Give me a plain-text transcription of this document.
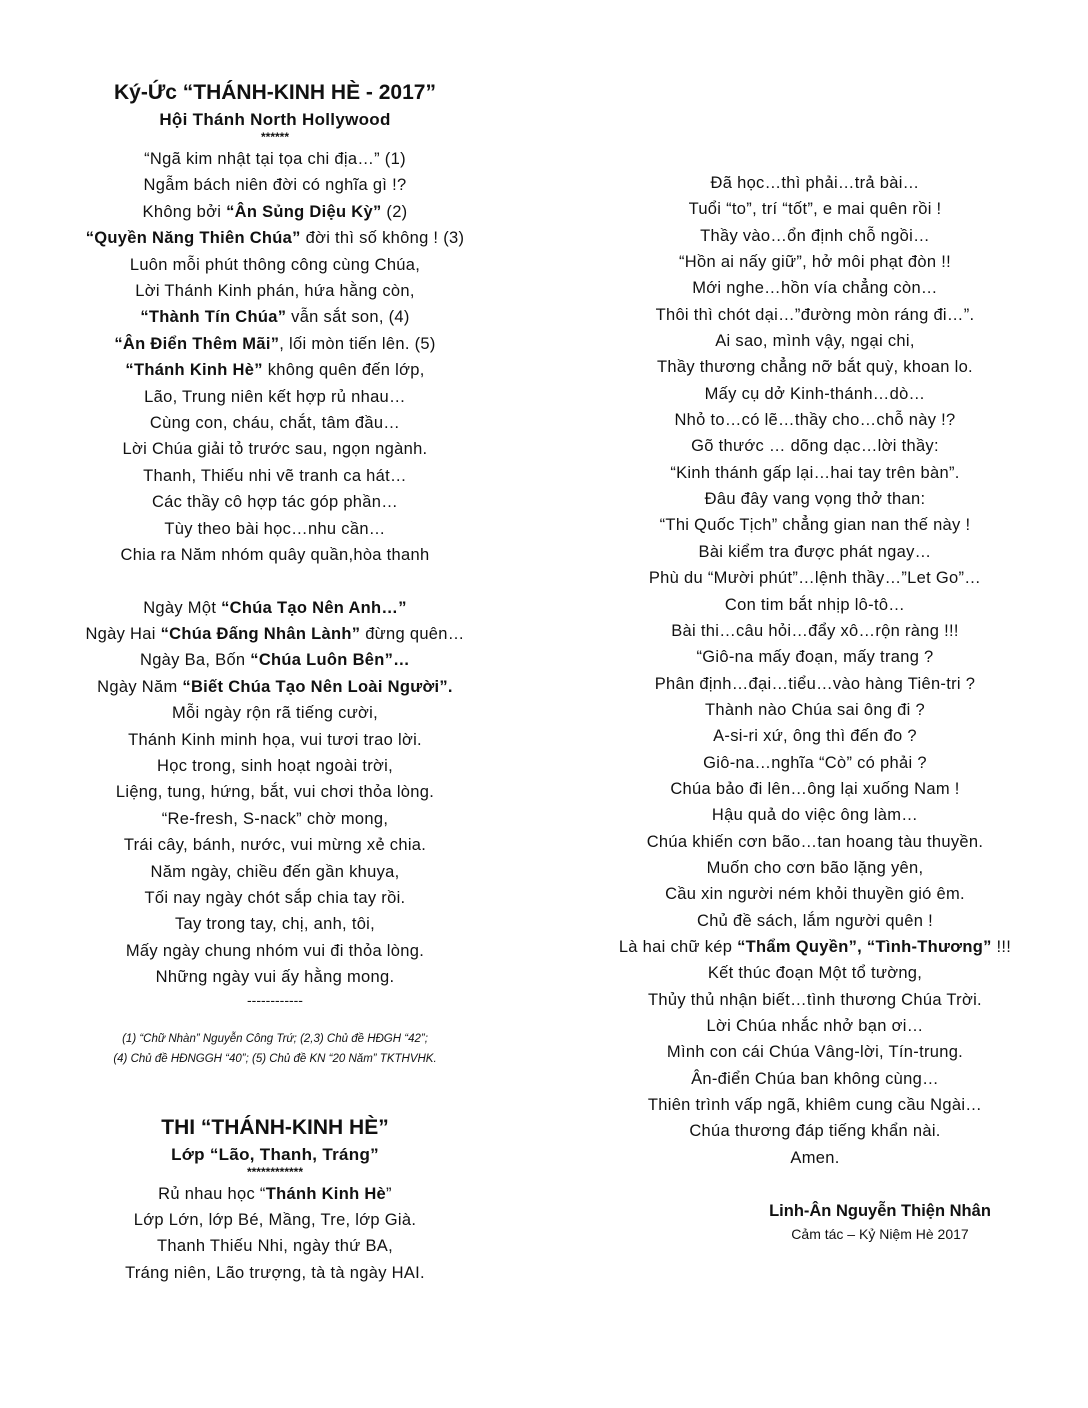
Ký-Ức “THÁNH-KINH HÈ - 2017”
Hội Thánh North Hollywood
******
“Ngã kim nhật tại tọa chi địa…” (1)
Ngẫm bách niên đời có nghĩa gì !?
Không bởi “Ân Sủng Diệu Kỳ” (2)
“Quyền Năng Thiên Chúa” đời thì số không ! (3)
Luôn mỗi phút thông công cùng Chúa,
Lời Thánh Kinh phán, hứa hằng còn,
“Thành Tín Chúa” vẫn sắt son, (4)
“Ân Điển Thêm Mãi”, lối mòn tiến lên. (5)
“Thánh Kinh Hè” không quên đến lớp,
Lão, Trung niên kết hợp rủ nhau…
Cùng con, cháu, chắt, tâm đầu…
Lời Chúa giải tỏ trước sau, ngọn ngành.
Thanh, Thiếu nhi vẽ tranh ca hát…
Các thầy cô hợp tác góp phần…
Tùy theo bài học…nhu cần…
Chia ra Năm nhóm quây quần,hòa thanh
Ngày Một “Chúa Tạo Nên Anh…”
Ngày Hai “Chúa Đấng Nhân Lành” đừng quên…
Ngày Ba, Bốn “Chúa Luôn Bên”…
Ngày Năm “Biết Chúa Tạo Nên Loài Người”.
Mỗi ngày rộn rã tiếng cười,
Thánh Kinh minh họa, vui tươi trao lời.
Học trong, sinh hoạt ngoài trời,
Liệng, tung, hứng, bắt, vui chơi thỏa lòng.
“Re-fresh, S-nack” chờ mong,
Trái cây, bánh, nước, vui mừng xẻ chia.
Năm ngày, chiều đến gần khuya,
Tối nay ngày chót sắp chia tay rồi.
Tay trong tay, chị, anh, tôi,
Mấy ngày chung nhóm vui đi thỏa lòng.
Những ngày vui ấy hằng mong.
------------
(1) “Chữ Nhàn” Nguyễn Công Trứ; (2,3) Chủ đề HĐGH “42”;
(4) Chủ đề HĐNGGH “40”; (5) Chủ đề KN “20 Năm” TKTHVHK.
THI “THÁNH-KINH HÈ”
Lớp “Lão, Thanh, Tráng”
************
Rủ nhau học “Thánh Kinh Hè”
Lớp Lớn, lớp Bé, Mầng, Tre, lớp Già.
Thanh Thiếu Nhi, ngày thứ BA,
Tráng niên, Lão trượng, tà tà ngày HAI.
Đã học…thì phải…trả bài…
Tuổi “to”, trí “tốt”, e mai quên rồi !
Thầy vào…ổn định chỗ ngồi…
“Hồn ai nấy giữ”, hở môi phạt đòn !!
Mới nghe…hồn vía chẳng còn…
Thôi thì chót dại…”đường mòn ráng đi…”.
Ai sao, mình vậy, ngại chi,
Thầy thương chẳng nỡ bắt quỳ, khoan lo.
Mấy cụ dở Kinh-thánh…dò…
Nhỏ to…có lẽ…thầy cho…chỗ này !?
Gõ thước … dõng dạc…lời thầy:
“Kinh thánh gấp lại…hai tay trên bàn”.
Đâu đây vang vọng thở than:
“Thi Quốc Tịch” chẳng gian nan thế này !
Bài kiểm tra được phát ngay…
Phù du “Mười phút”…lệnh thầy…”Let Go”…
Con tim bắt nhịp lô-tô…
Bài thi…câu hỏi…đẩy xô…rộn ràng !!!
“Giô-na mấy đoạn, mấy trang ?
Phân định…đại…tiểu…vào hàng Tiên-tri ?
Thành nào Chúa sai ông đi ?
A-si-ri xứ, ông thì đến đo ?
Giô-na…nghĩa “Cò” có phải ?
Chúa bảo đi lên…ông lại xuống Nam !
Hậu quả do việc ông làm…
Chúa khiến cơn bão…tan hoang tàu thuyền.
Muốn cho cơn bão lặng yên,
Cầu xin người ném khỏi thuyền gió êm.
Chủ đề sách, lắm người quên !
Là hai chữ kép “Thẩm Quyền”, “Tình-Thương” !!!
Kết thúc đoạn Một tổ tường,
Thủy thủ nhận biết…tình thương Chúa Trời.
Lời Chúa nhắc nhở bạn ơi…
Mình con cái Chúa Vâng-lời, Tín-trung.
Ân-điển Chúa ban không cùng…
Thiên trình vấp ngã, khiêm cung cầu Ngài…
Chúa thương đáp tiếng khẩn nài.
Amen.
Linh-Ân Nguyễn Thiện Nhân
Cảm tác – Kỷ Niệm Hè 2017
